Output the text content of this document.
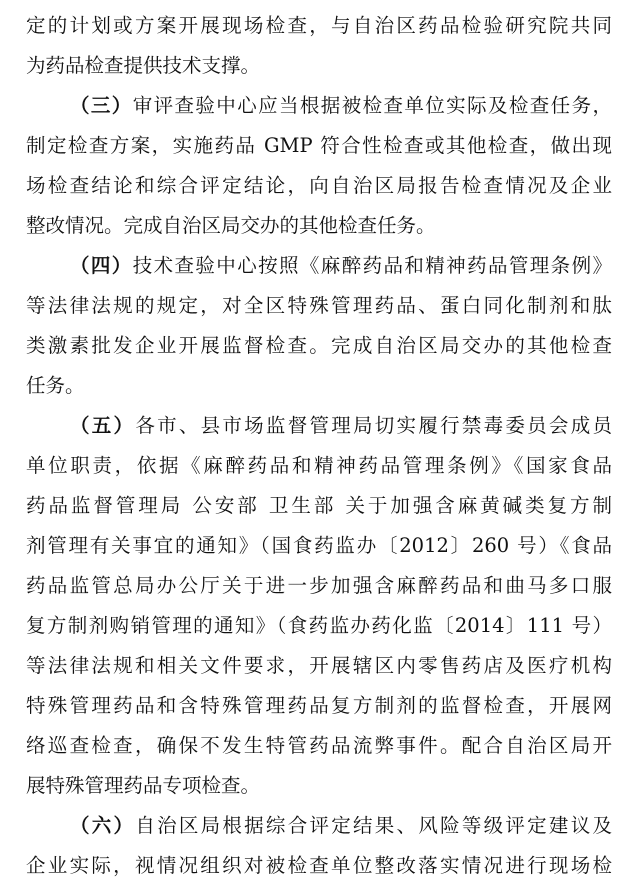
定的计划或方案开展现场检查，与自治区药品检验研究院共同
为药品检查提供技术支撑。
（三）审评查验中心应当根据被检查单位实际及检查任务，
制定检查方案，实施药品 GMP 符合性检查或其他检查，做出现
场检查结论和综合评定结论，向自治区局报告检查情况及企业
整改情况。完成自治区局交办的其他检查任务。
（四）技术查验中心按照《麻醉药品和精神药品管理条例》
等法律法规的规定，对全区特殊管理药品、蛋白同化制剂和肽
类激素批发企业开展监督检查。完成自治区局交办的其他检查
任务。
（五）各市、县市场监督管理局切实履行禁毒委员会成员
单位职责，依据《麻醉药品和精神药品管理条例》《国家食品
药品监督管理局 公安部 卫生部 关于加强含麻黄碱类复方制
剂管理有关事宜的通知》（国食药监办〔2012〕260 号）《食品
药品监管总局办公厅关于进一步加强含麻醉药品和曲马多口服
复方制剂购销管理的通知》（食药监办药化监〔2014〕111 号）
等法律法规和相关文件要求，开展辖区内零售药店及医疗机构
特殊管理药品和含特殊管理药品复方制剂的监督检查，开展网
络巡查检查，确保不发生特管药品流弊事件。配合自治区局开
展特殊管理药品专项检查。
（六）自治区局根据综合评定结果、风险等级评定建议及
企业实际，视情况组织对被检查单位整改落实情况进行现场检
